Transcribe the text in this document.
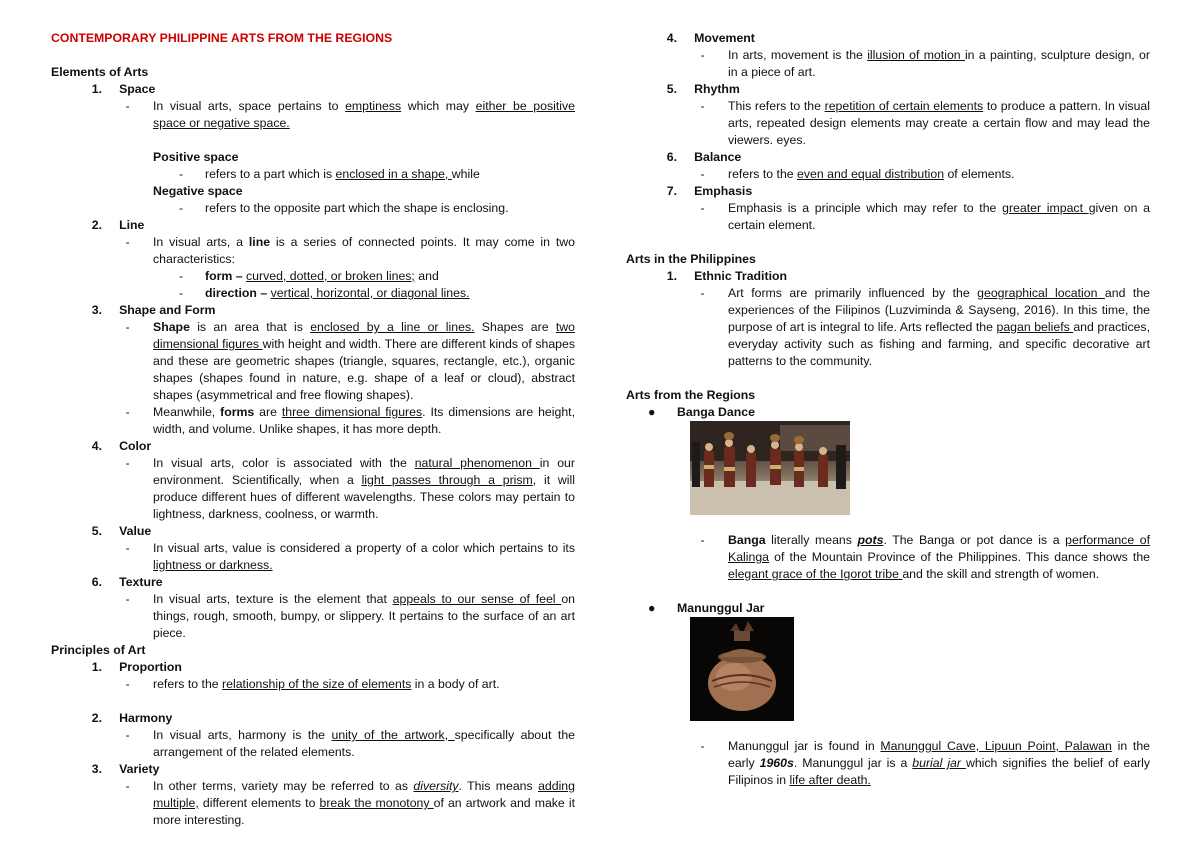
CONTEMPORARY PHILIPPINE ARTS FROM THE REGIONS
Elements of Arts
1.
Space
-	In visual arts, space pertains to emptiness which may either be positive space or negative space.
Positive space
-	refers to a part which is enclosed in a shape, while
Negative space
-	refers to the opposite part which the shape is enclosing.
2.
Line
-	In visual arts, a line is a series of connected points. It may come in two characteristics:
-	form – curved, dotted, or broken lines; and
-	direction – vertical, horizontal, or diagonal lines.
3.
Shape and Form
-	Shape is an area that is enclosed by a line or lines. Shapes are two dimensional figures with height and width. There are different kinds of shapes and these are geometric shapes (triangle, squares, rectangle, etc.), organic shapes (shapes found in nature, e.g. shape of a leaf or cloud), abstract shapes (asymmetrical and free flowing shapes).
-	Meanwhile, forms are three dimensional figures. Its dimensions are height, width, and volume. Unlike shapes, it has more depth.
4.
Color
-	In visual arts, color is associated with the natural phenomenon in our environment. Scientifically, when a light passes through a prism, it will produce different hues of different wavelengths. These colors may pertain to lightness, darkness, coolness, or warmth.
5.
Value
-	In visual arts, value is considered a property of a color which pertains to its lightness or darkness.
6.
Texture
-	In visual arts, texture is the element that appeals to our sense of feel on things, rough, smooth, bumpy, or slippery. It pertains to the surface of an art piece.
Principles of Art
1.
Proportion
-	refers to the relationship of the size of elements in a body of art.
2.
Harmony
-	In visual arts, harmony is the unity of the artwork, specifically about the arrangement of the related elements.
3.
Variety
-	In other terms, variety may be referred to as diversity. This means adding multiple, different elements to break the monotony of an artwork and make it more interesting.
4.
Movement
-	In arts, movement is the illusion of motion in a painting, sculpture design, or in a piece of art.
5.
Rhythm
-	This refers to the repetition of certain elements to produce a pattern. In visual arts, repeated design elements may create a certain flow and may lead the viewers. eyes.
6.
Balance
-	refers to the even and equal distribution of elements.
7.
Emphasis
-	Emphasis is a principle which may refer to the greater impact given on a certain element.
Arts in the Philippines
1.
Ethnic Tradition
-	Art forms are primarily influenced by the geographical location and the experiences of the Filipinos (Luzviminda & Sayseng, 2016). In this time, the purpose of art is integral to life. Arts reflected the pagan beliefs and practices, everyday activity such as fishing and farming, and specific decorative art patterns to the community.
Arts from the Regions
●	Banga Dance
-	Banga literally means pots. The Banga or pot dance is a performance of Kalinga of the Mountain Province of the Philippines. This dance shows the elegant grace of the Igorot tribe and the skill and strength of women.
●	Manunggul Jar
-	Manunggul jar is found in Manunggul Cave, Lipuun Point, Palawan in the early 1960s. Manunggul jar is a burial jar which signifies the belief of early Filipinos in life after death.
